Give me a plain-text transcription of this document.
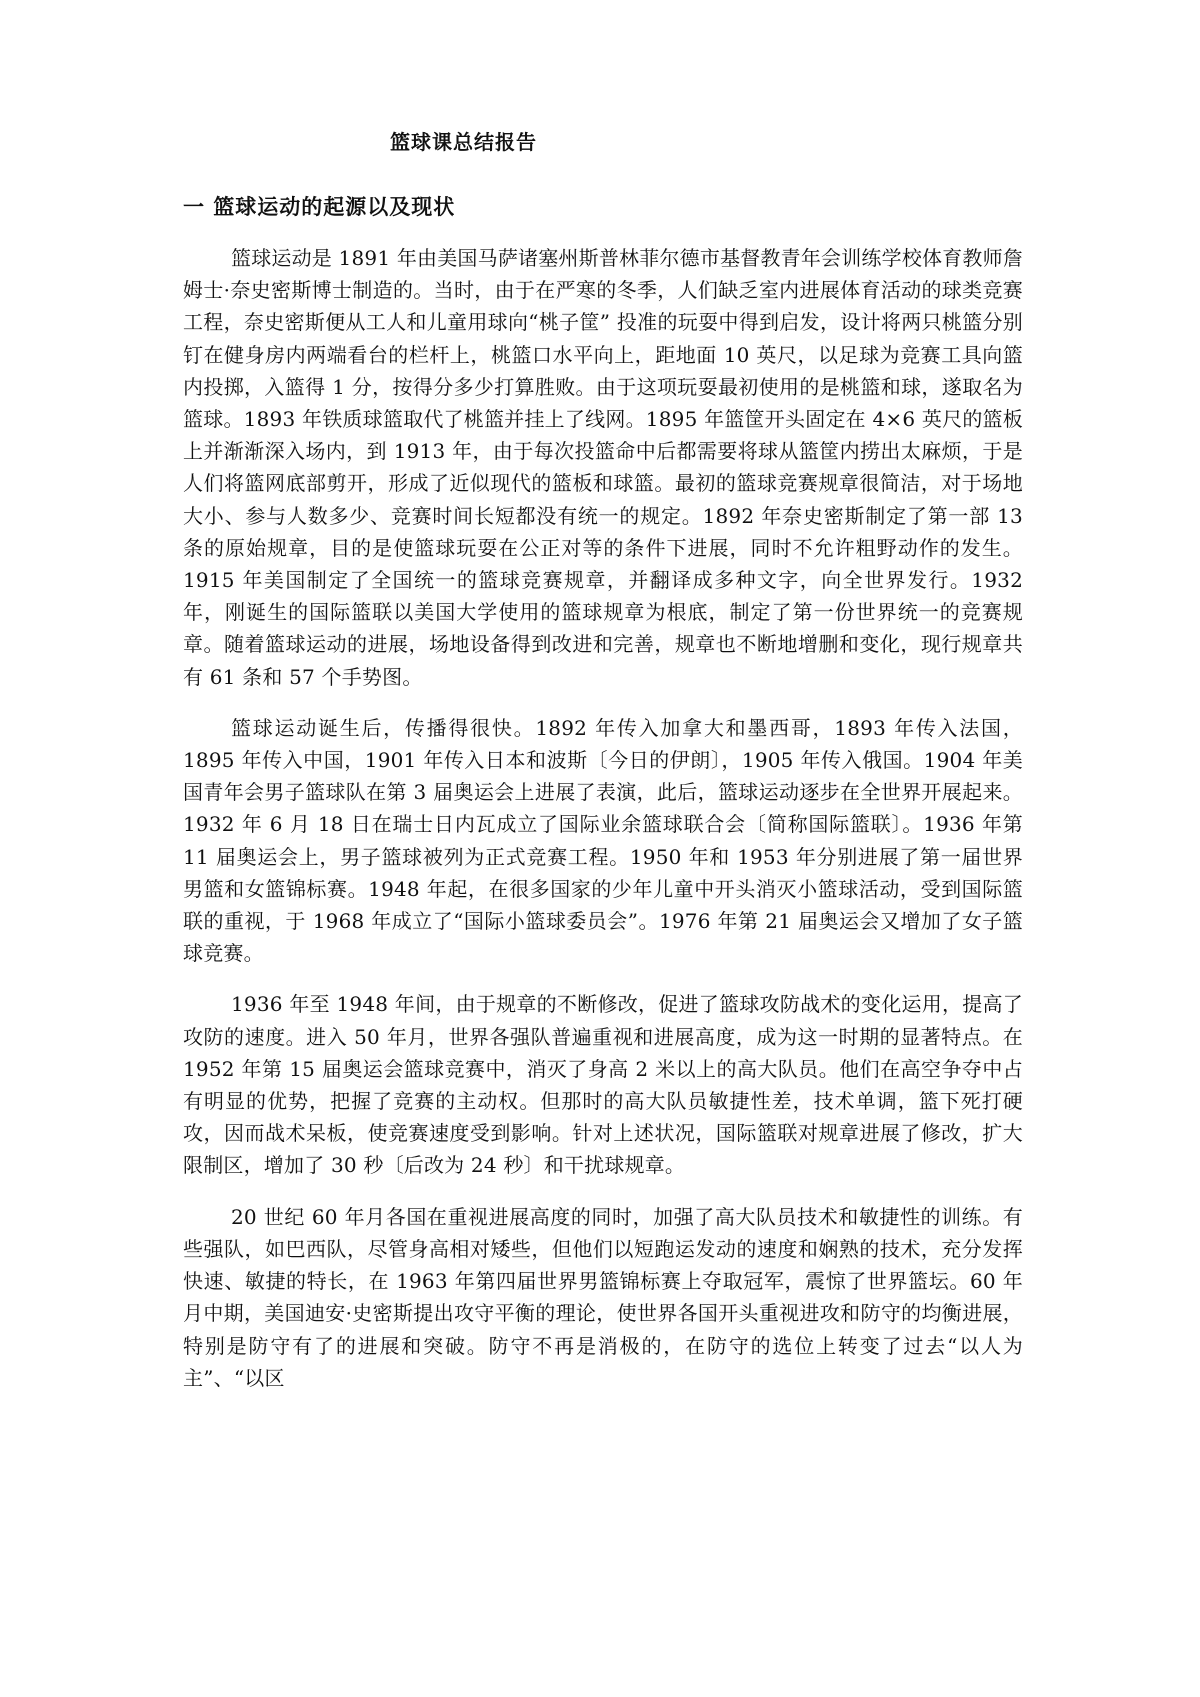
篮球课总结报告
一 篮球运动的起源以及现状

篮球运动是 1891 年由美国马萨诸塞州斯普林菲尔德市基督教青年会训练学校体育教师詹姆士·奈史密斯博士制造的。当时，由于在严寒的冬季，人们缺乏室内进展体育活动的球类竞赛工程，奈史密斯便从工人和儿童用球向“桃子筐” 投准的玩耍中得到启发，设计将两只桃篮分别钉在健身房内两端看台的栏杆上，桃篮口水平向上，距地面 10 英尺，以足球为竞赛工具向篮内投掷，入篮得 1 分，按得分多少打算胜败。由于这项玩耍最初使用的是桃篮和球，遂取名为篮球。1893 年铁质球篮取代了桃篮并挂上了线网。1895 年篮筐开头固定在 4×6 英尺的篮板上并渐渐深入场内，到 1913 年，由于每次投篮命中后都需要将球从篮筐内捞出太麻烦，于是人们将篮网底部剪开，形成了近似现代的篮板和球篮。最初的篮球竞赛规章很简洁，对于场地大小、参与人数多少、竞赛时间长短都没有统一的规定。1892 年奈史密斯制定了第一部 13 条的原始规章，目的是使篮球玩耍在公正对等的条件下进展，同时不允许粗野动作的发生。1915 年美国制定了全国统一的篮球竞赛规章，并翻译成多种文字，向全世界发行。1932 年，刚诞生的国际篮联以美国大学使用的篮球规章为根底，制定了第一份世界统一的竞赛规章。随着篮球运动的进展，场地设备得到改进和完善，规章也不断地增删和变化，现行规章共有 61 条和 57 个手势图。

篮球运动诞生后，传播得很快。1892 年传入加拿大和墨西哥，1893 年传入法国，1895 年传入中国，1901 年传入日本和波斯〔今日的伊朗〕，1905 年传入俄国。1904 年美国青年会男子篮球队在第 3 届奥运会上进展了表演，此后，篮球运动逐步在全世界开展起来。1932 年 6 月 18 日在瑞士日内瓦成立了国际业余篮球联合会〔简称国际篮联〕。1936 年第 11 届奥运会上，男子篮球被列为正式竞赛工程。1950 年和 1953 年分别进展了第一届世界男篮和女篮锦标赛。1948 年起，在很多国家的少年儿童中开头消灭小篮球活动，受到国际篮联的重视，于 1968 年成立了“国际小篮球委员会”。1976 年第 21 届奥运会又增加了女子篮球竞赛。

1936 年至 1948 年间，由于规章的不断修改，促进了篮球攻防战术的变化运用，提高了攻防的速度。进入 50 年月，世界各强队普遍重视和进展高度，成为这一时期的显著特点。在 1952 年第 15 届奥运会篮球竞赛中，消灭了身高 2 米以上的高大队员。他们在高空争夺中占有明显的优势，把握了竞赛的主动权。但那时的高大队员敏捷性差，技术单调，篮下死打硬攻，因而战术呆板，使竞赛速度受到影响。针对上述状况，国际篮联对规章进展了修改，扩大限制区，增加了 30 秒〔后改为 24 秒〕和干扰球规章。

20 世纪 60 年月各国在重视进展高度的同时，加强了高大队员技术和敏捷性的训练。有些强队，如巴西队，尽管身高相对矮些，但他们以短跑运发动的速度和娴熟的技术，充分发挥快速、敏捷的特长，在 1963 年第四届世界男篮锦标赛上夺取冠军，震惊了世界篮坛。60 年月中期，美国迪安·史密斯提出攻守平衡的理论，使世界各国开头重视进攻和防守的均衡进展，特别是防守有了的进展和突破。防守不再是消极的，在防守的选位上转变了过去“以人为主”、“以区
